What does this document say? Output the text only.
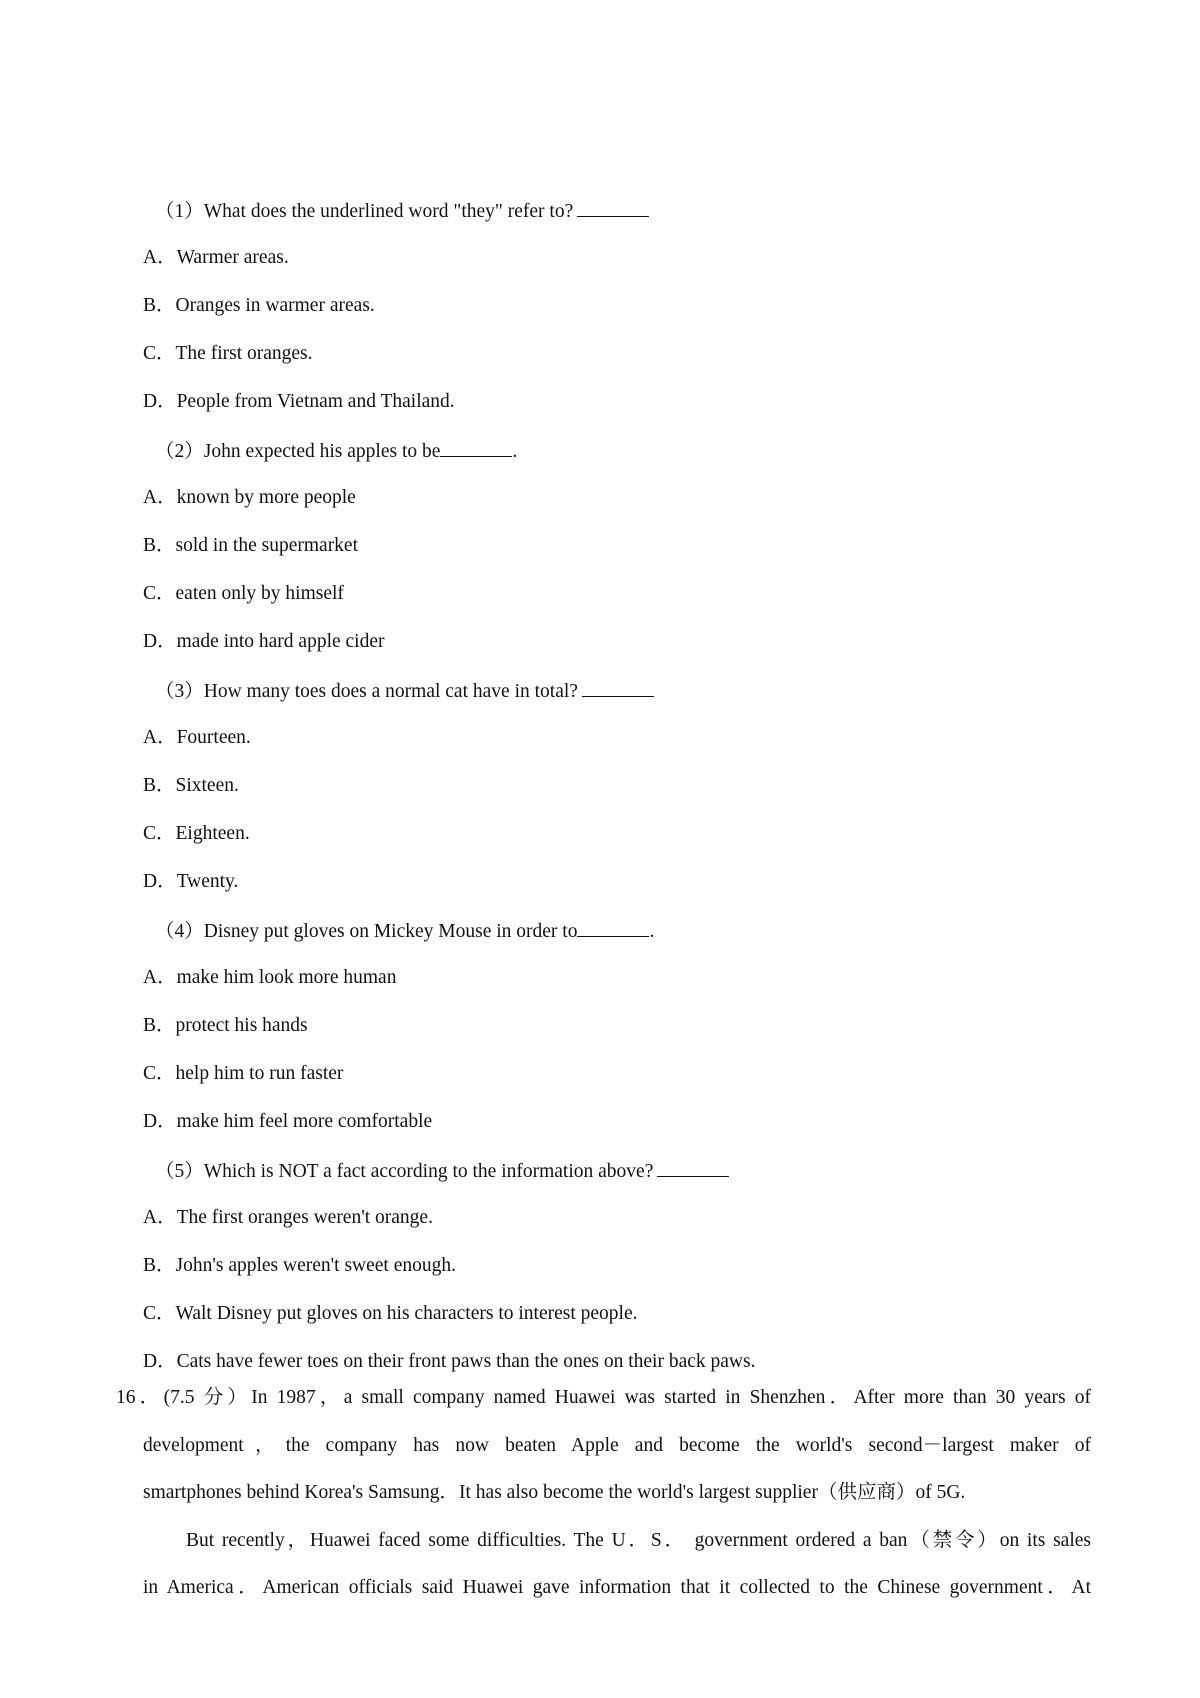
（1）What does the underlined word "they" refer to?
A．Warmer areas.
B．Oranges in warmer areas.
C．The first oranges.
D．People from Vietnam and Thailand.
（2）John expected his apples to be	.
A．known by more people
B．sold in the supermarket
C．eaten only by himself
D．made into hard apple cider
（3）How many toes does a normal cat have in total?
A．Fourteen.
B．Sixteen.
C．Eighteen.
D．Twenty.
（4）Disney put gloves on Mickey Mouse in order to	.
A．make him look more human
B．protect his hands
C．help him to run faster
D．make him feel more comfortable
（5）Which is NOT a fact according to the information above?
A．The first oranges weren't orange.
B．John's apples weren't sweet enough.
C．Walt Disney put gloves on his characters to interest people.
D．Cats have fewer toes on their front paws than the ones on their back paws.
16．(7.5 分）In 1987，a small company named Huawei was started in Shenzhen．After more than 30 years of
development，the company has now beaten Apple and become the world's second－largest maker of
smartphones behind Korea's Samsung．It has also become the world's largest supplier（供应商）of 5G.
But recently，Huawei faced some difficulties. The U．S． government ordered a ban（禁令）on its sales
in America．American officials said Huawei gave information that it collected to the Chinese government．At
